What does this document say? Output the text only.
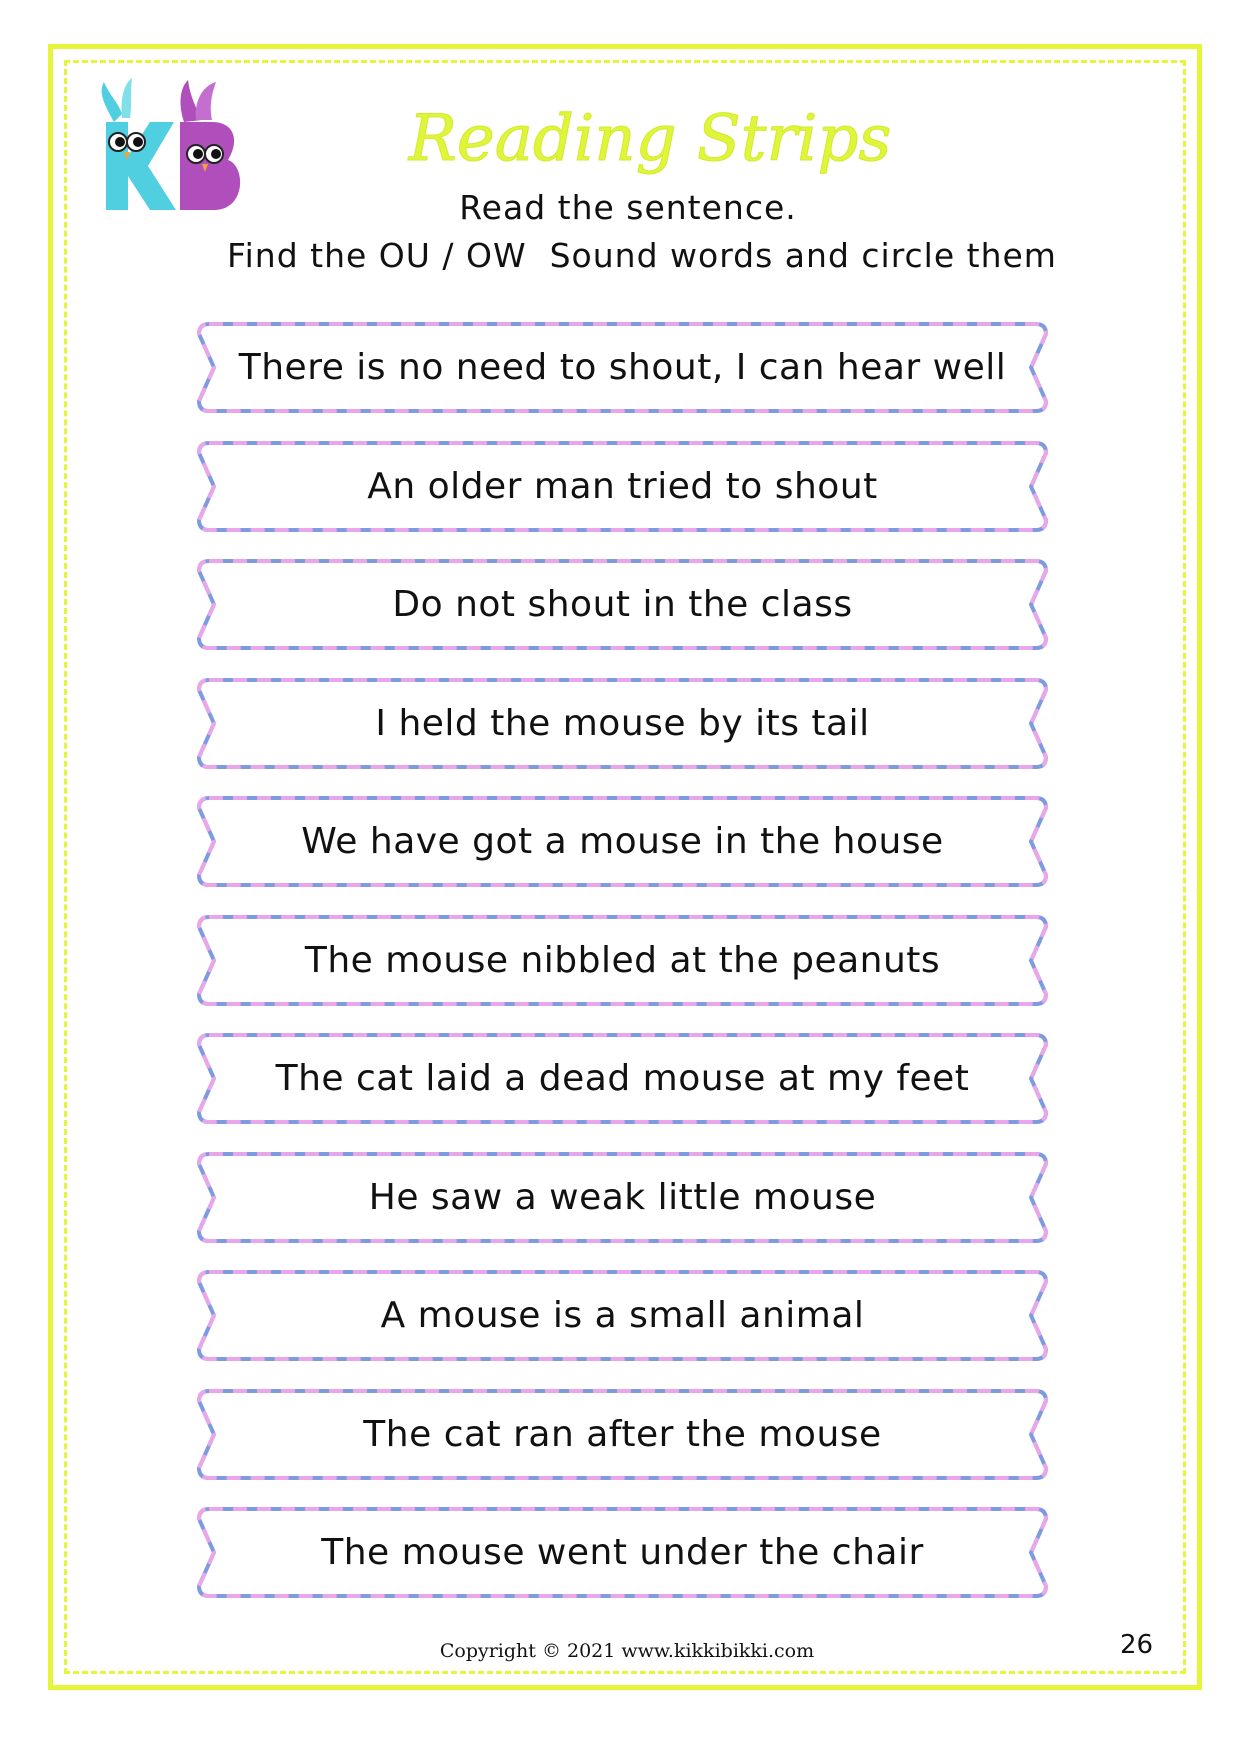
Reading Strips
Read the sentence.
Find the OU / OW  Sound words and circle them
There is no need to shout, I can hear well
An older man tried to shout
Do not shout in the class
I held the mouse by its tail
We have got a mouse in the house
The mouse nibbled at the peanuts
The cat laid a dead mouse at my feet
He saw a weak little mouse
A mouse is a small animal
The cat ran after the mouse
The mouse went under the chair
Copyright © 2021 www.kikkibikki.com	26
